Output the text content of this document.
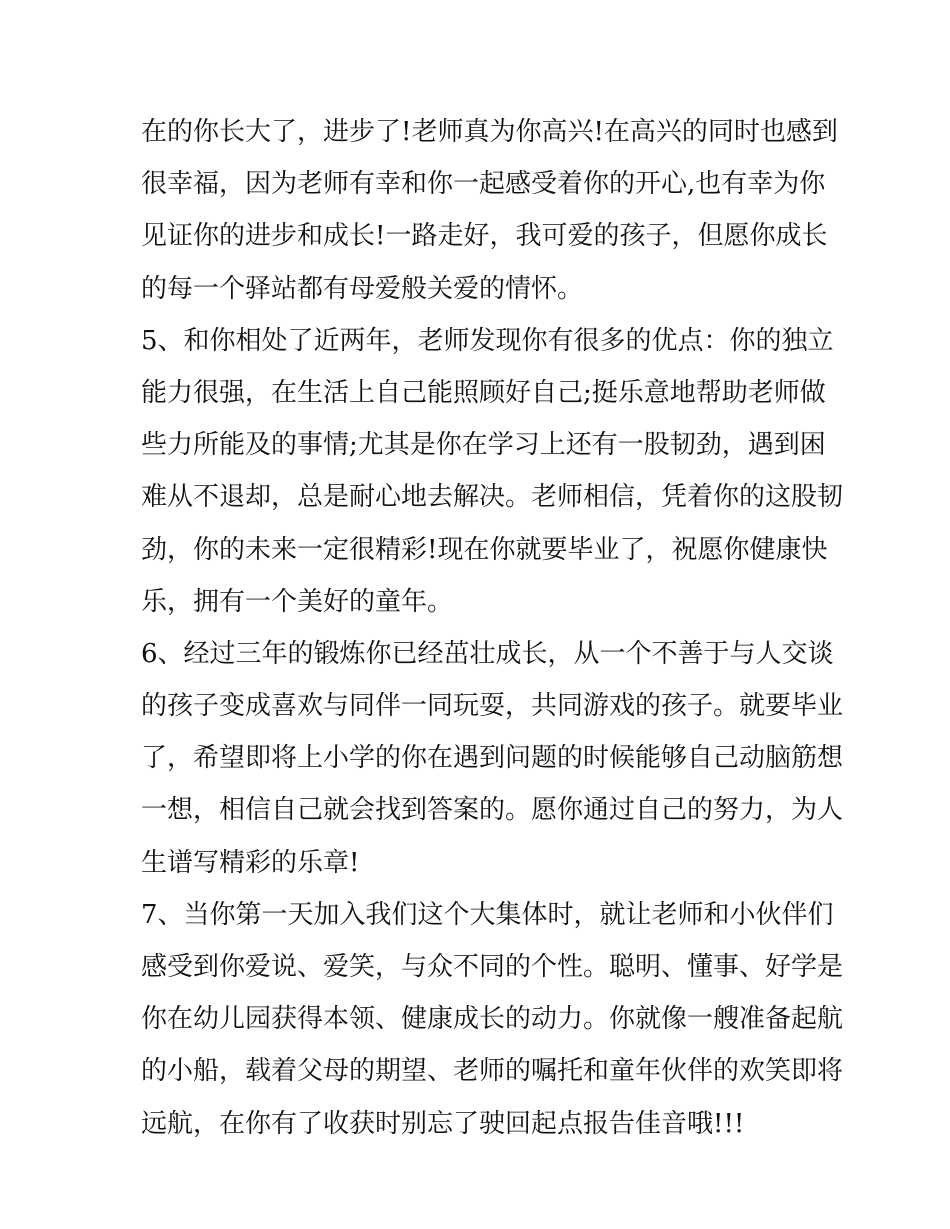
在的你长大了，进步了!老师真为你高兴!在高兴的同时也感到
很幸福，因为老师有幸和你一起感受着你的开心,也有幸为你
见证你的进步和成长!一路走好，我可爱的孩子，但愿你成长
的每一个驿站都有母爱般关爱的情怀。
5、和你相处了近两年，老师发现你有很多的优点：你的独立
能力很强，在生活上自己能照顾好自己;挺乐意地帮助老师做
些力所能及的事情;尤其是你在学习上还有一股韧劲，遇到困
难从不退却，总是耐心地去解决。老师相信，凭着你的这股韧
劲，你的未来一定很精彩!现在你就要毕业了，祝愿你健康快
乐，拥有一个美好的童年。
6、经过三年的锻炼你已经茁壮成长，从一个不善于与人交谈
的孩子变成喜欢与同伴一同玩耍，共同游戏的孩子。就要毕业
了，希望即将上小学的你在遇到问题的时候能够自己动脑筋想
一想，相信自己就会找到答案的。愿你通过自己的努力，为人
生谱写精彩的乐章!
7、当你第一天加入我们这个大集体时，就让老师和小伙伴们
感受到你爱说、爱笑，与众不同的个性。聪明、懂事、好学是
你在幼儿园获得本领、健康成长的动力。你就像一艘准备起航
的小船，载着父母的期望、老师的嘱托和童年伙伴的欢笑即将
远航，在你有了收获时别忘了驶回起点报告佳音哦!!!
